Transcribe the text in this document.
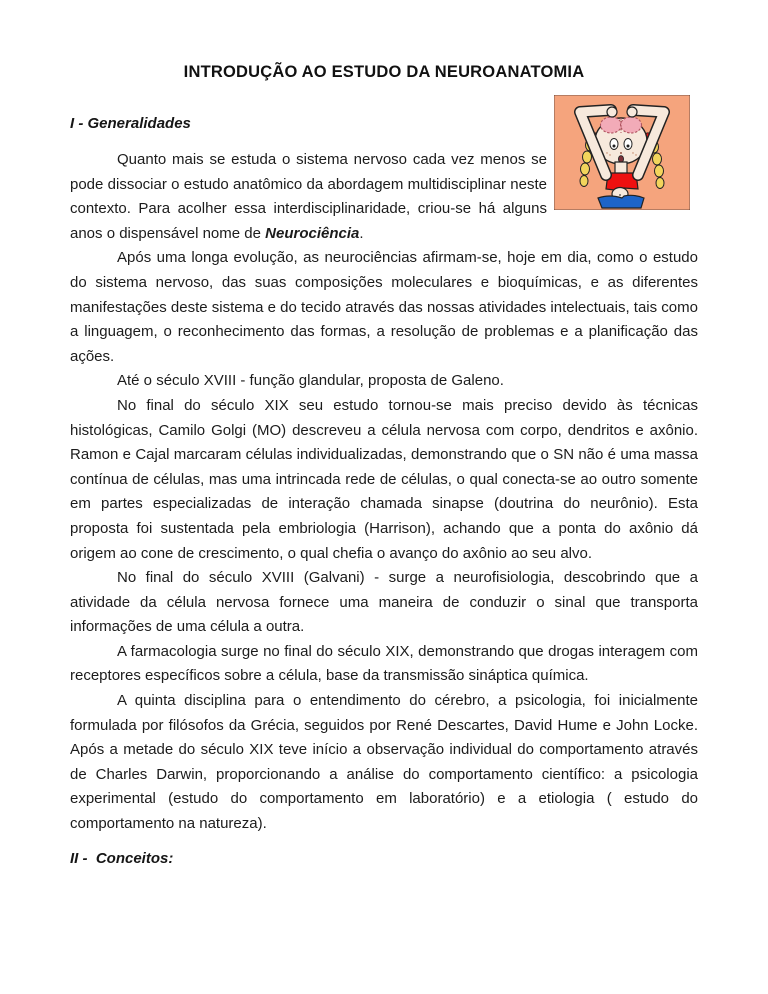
INTRODUÇÃO AO ESTUDO DA NEUROANATOMIA
I - Generalidades

Quanto mais se estuda o sistema nervoso cada vez menos se pode dissociar o estudo anatômico da abordagem multidisciplinar neste contexto. Para acolher essa interdisciplinaridade, criou-se há alguns anos o dispensável nome de Neurociência.

Após uma longa evolução, as neurociências afirmam-se, hoje em dia, como o estudo do sistema nervoso, das suas composições moleculares e bioquímicas, e as diferentes manifestações deste sistema e do tecido através das nossas atividades intelectuais, tais como a linguagem, o reconhecimento das formas, a resolução de problemas e a planificação das ações.

Até o século XVIII - função glandular, proposta de Galeno.

No final do século XIX seu estudo tornou-se mais preciso devido às técnicas histológicas, Camilo Golgi (MO) descreveu a célula nervosa com corpo, dendritos e axônio. Ramon e Cajal marcaram células individualizadas, demonstrando que o SN não é uma massa contínua de células, mas uma intrincada rede de células, o qual conecta-se ao outro somente em partes especializadas de interação chamada sinapse (doutrina do neurônio). Esta proposta foi sustentada pela embriologia (Harrison), achando que a ponta do axônio dá origem ao cone de crescimento, o qual chefia o avanço do axônio ao seu alvo.

No final do século XVIII (Galvani) - surge a neurofisiologia, descobrindo que a atividade da célula nervosa fornece uma maneira de conduzir o sinal que transporta informações de uma célula a outra.

A farmacologia surge no final do século XIX, demonstrando que drogas interagem com receptores específicos sobre a célula, base da transmissão sináptica química.

A quinta disciplina para o entendimento do cérebro, a psicologia, foi inicialmente formulada por filósofos da Grécia, seguidos por René Descartes, David Hume e John Locke. Após a metade do século XIX teve início a observação individual do comportamento através de Charles Darwin, proporcionando a análise do comportamento científico: a psicologia experimental (estudo do comportamento em laboratório) e a etiologia ( estudo do comportamento na natureza).

II -  Conceitos:
